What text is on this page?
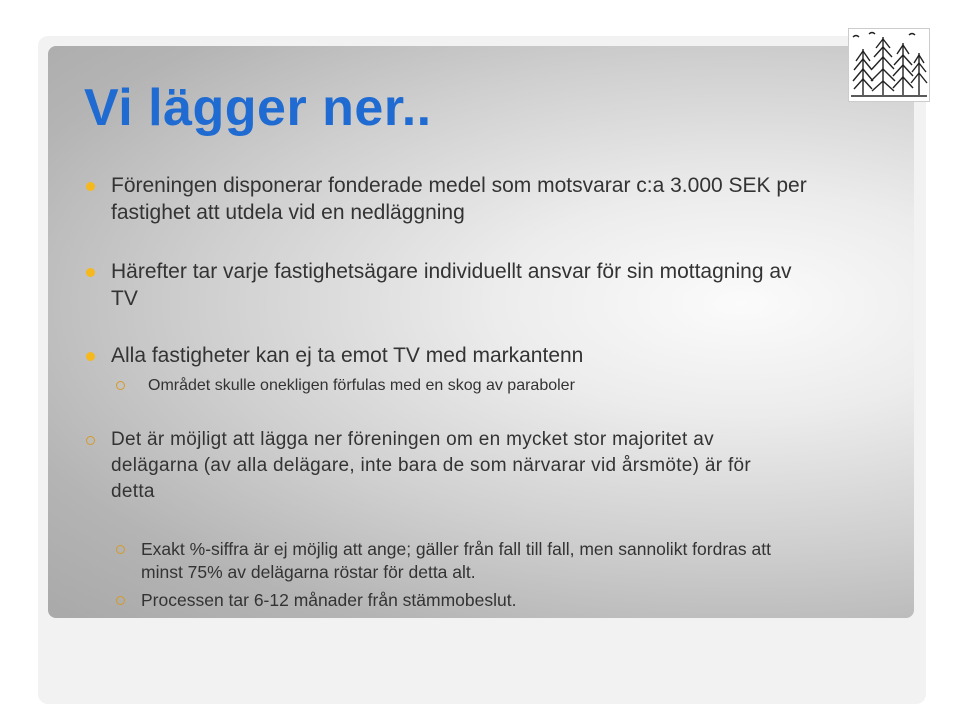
Vi lägger ner..

Föreningen disponerar fonderade medel som motsvarar c:a 3.000 SEK per

fastighet att utdela vid en nedläggning

Härefter tar varje fastighetsägare individuellt ansvar för sin mottagning av

TV

Alla fastigheter kan ej ta emot TV med markantenn

Området skulle onekligen förfulas med en skog av paraboler

Det är möjligt att lägga ner föreningen om en mycket stor majoritet av

delägarna (av alla delägare, inte bara de som närvarar vid årsmöte) är för

detta

Exakt %-siffra är ej möjlig att ange; gäller från fall till fall, men sannolikt fordras att

minst 75% av delägarna röstar för detta alt.

Processen tar 6-12 månader från stämmobeslut.
